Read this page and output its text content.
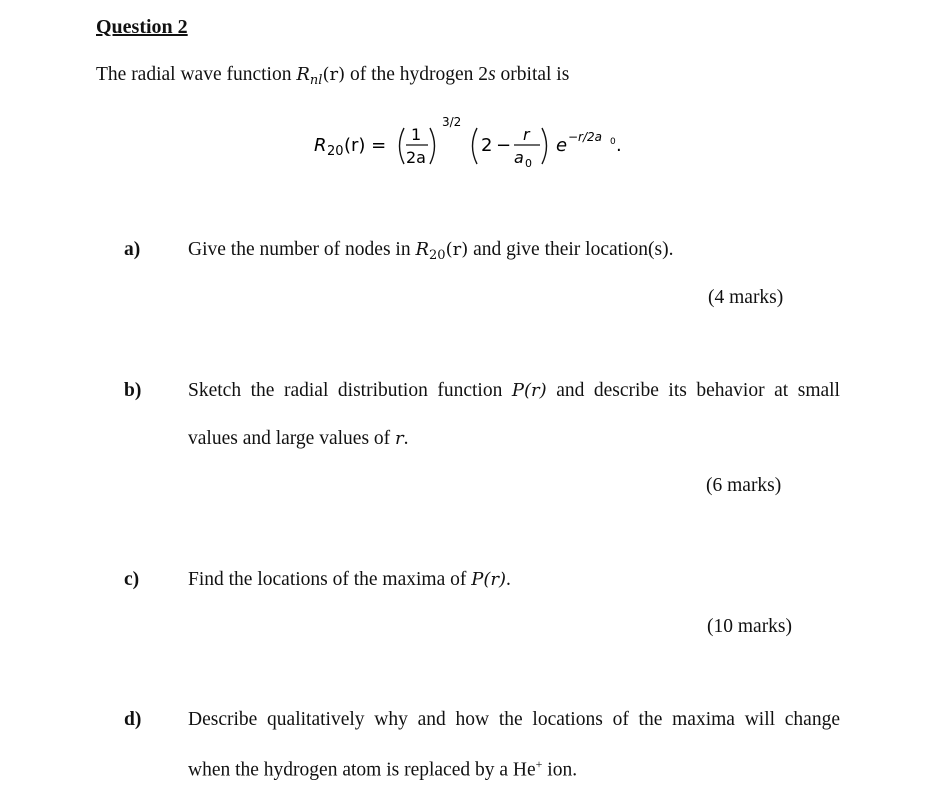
Question 2
The radial wave function $R_{nl}(r)$ of the hydrogen 2s orbital is
R 20 (r) =
1
2a
3/2
2 −
r
a 0
e −r/2a 0 .
a) Give the number of nodes in $R_{20}(r)$ and give their location(s).
(4 marks)
b) Sketch the radial distribution function P(r) and describe its behavior at small
values and large values of r.
(6 marks)
c)	Find the locations of the maxima of P(r).
(10 marks)
d) Describe qualitatively why and how the locations of the maxima will change
when the hydrogen atom is replaced by a He+ ion.
